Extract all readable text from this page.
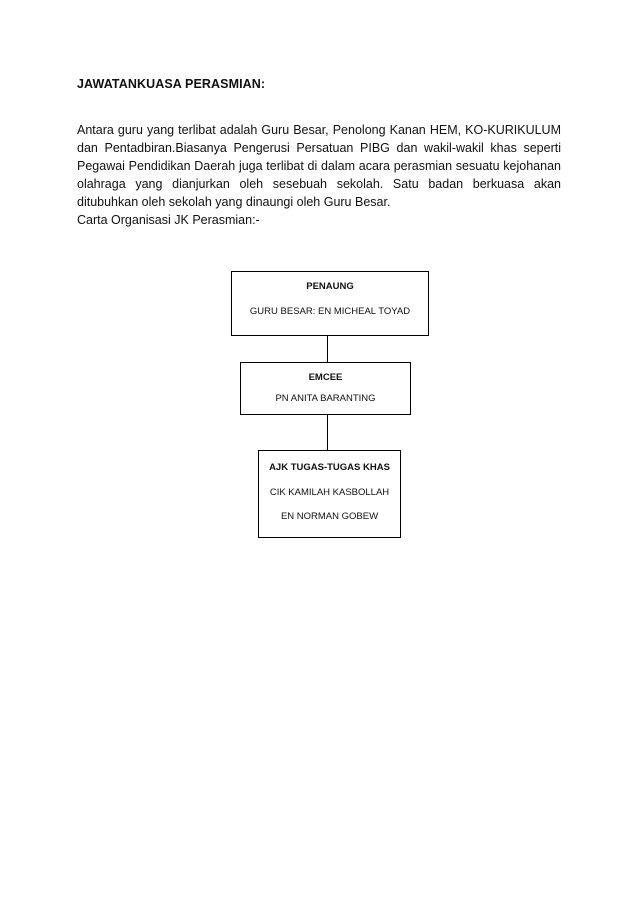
JAWATANKUASA PERASMIAN:
Antara guru yang terlibat adalah Guru Besar, Penolong Kanan HEM, KO-KURIKULUM dan Pentadbiran.Biasanya Pengerusi Persatuan PIBG dan wakil-wakil khas seperti Pegawai Pendidikan Daerah juga terlibat di dalam acara perasmian sesuatu kejohanan olahraga yang dianjurkan oleh sesebuah sekolah. Satu badan berkuasa akan ditubuhkan oleh sekolah yang dinaungi oleh Guru Besar.
Carta Organisasi JK Perasmian:-
PENAUNG
GURU BESAR: EN MICHEAL TOYAD
EMCEE
PN ANITA BARANTING
AJK TUGAS-TUGAS KHAS
CIK KAMILAH KASBOLLAH
EN NORMAN GOBEW
